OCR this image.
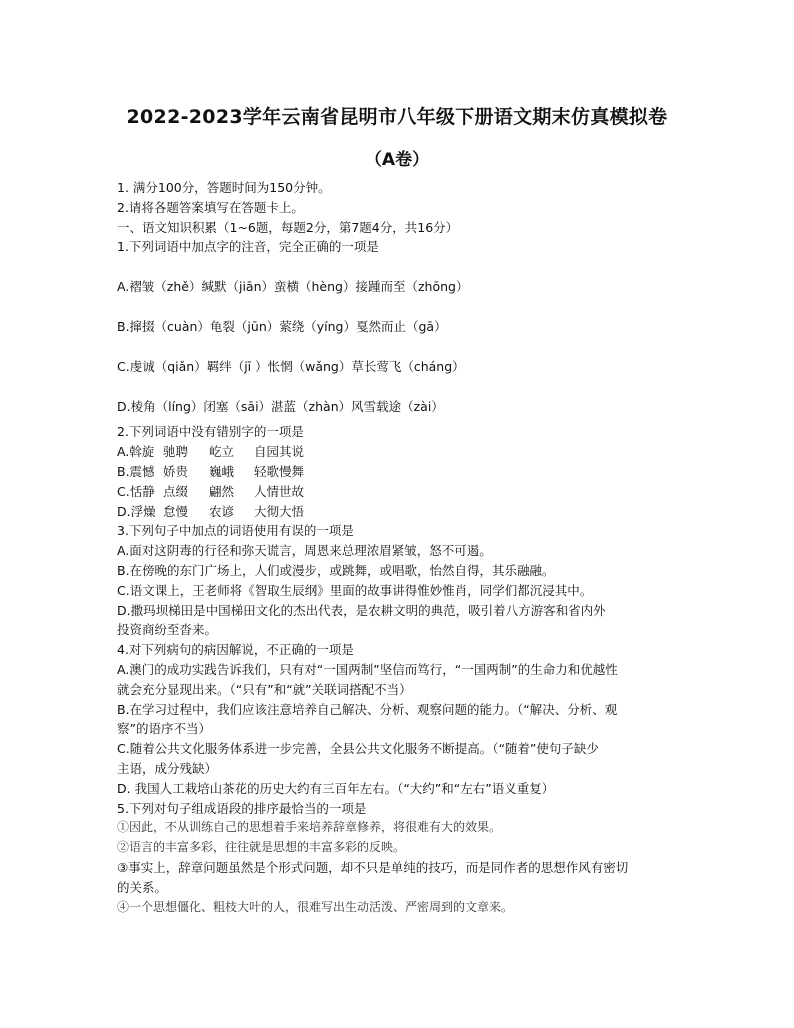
2022-2023学年云南省昆明市八年级下册语文期末仿真模拟卷
（A卷）
1. 满分100分，答题时间为150分钟。
2.请将各题答案填写在答题卡上。
一、语文知识积累（1~6题，每题2分，第7题4分，共16分）
1.下列词语中加点字的注音，完全正确的一项是
A.褶皱（zhě）缄默（jiān）蛮横（hèng）接踵而至（zhōng）
B.撺掇（cuàn）龟裂（jūn）萦绕（yíng）戛然而止（gā）
C.虔诚（qiǎn）羁绊（jī ）怅惘（wǎng）草长莺飞（cháng）
D.棱角（líng）闭塞（sāi）湛蓝（zhàn）风雪载途（zài）
2.下列词语中没有错别字的一项是
A.斡旋 驰聘	屹立	自园其说
B.震憾 娇贵	巍峨	轻歌慢舞
C.恬静 点缀	翩然	人情世故
D.浮燥 怠慢	农谚	大彻大悟
3.下列句子中加点的词语使用有误的一项是
A.面对这阴毒的行径和弥天谎言，周恩来总理浓眉紧皱，怒不可遏。
B.在傍晚的东门广场上，人们或漫步，或跳舞，或唱歌，怡然自得，其乐融融。
C.语文课上，王老师将《智取生辰纲》里面的故事讲得惟妙惟肖，同学们都沉浸其中。
D.撒玛坝梯田是中国梯田文化的杰出代表，是农耕文明的典范，吸引着八方游客和省内外
投资商纷至沓来。
4.对下列病句的病因解说，不正确的一项是
A.澳门的成功实践告诉我们，只有对“一国两制”坚信而笃行，“一国两制”的生命力和优越性
就会充分显现出来。（“只有”和“就”关联词搭配不当）
B.在学习过程中，我们应该注意培养自己解决、分析、观察问题的能力。（“解决、分析、观
察”的语序不当）
C.随着公共文化服务体系进一步完善，全县公共文化服务不断提高。（“随着”使句子缺少
主语，成分残缺）
D. 我国人工栽培山茶花的历史大约有三百年左右。（“大约”和“左右”语义重复）
5.下列对句子组成语段的排序最恰当的一项是
①因此，不从训练自己的思想着手来培养辞章修养，将很难有大的效果。
②语言的丰富多彩，往往就是思想的丰富多彩的反映。
③事实上，辞章问题虽然是个形式问题，却不只是单纯的技巧，而是同作者的思想作风有密切
的关系。
④一个思想僵化、粗枝大叶的人，很难写出生动活泼、严密周到的文章来。
